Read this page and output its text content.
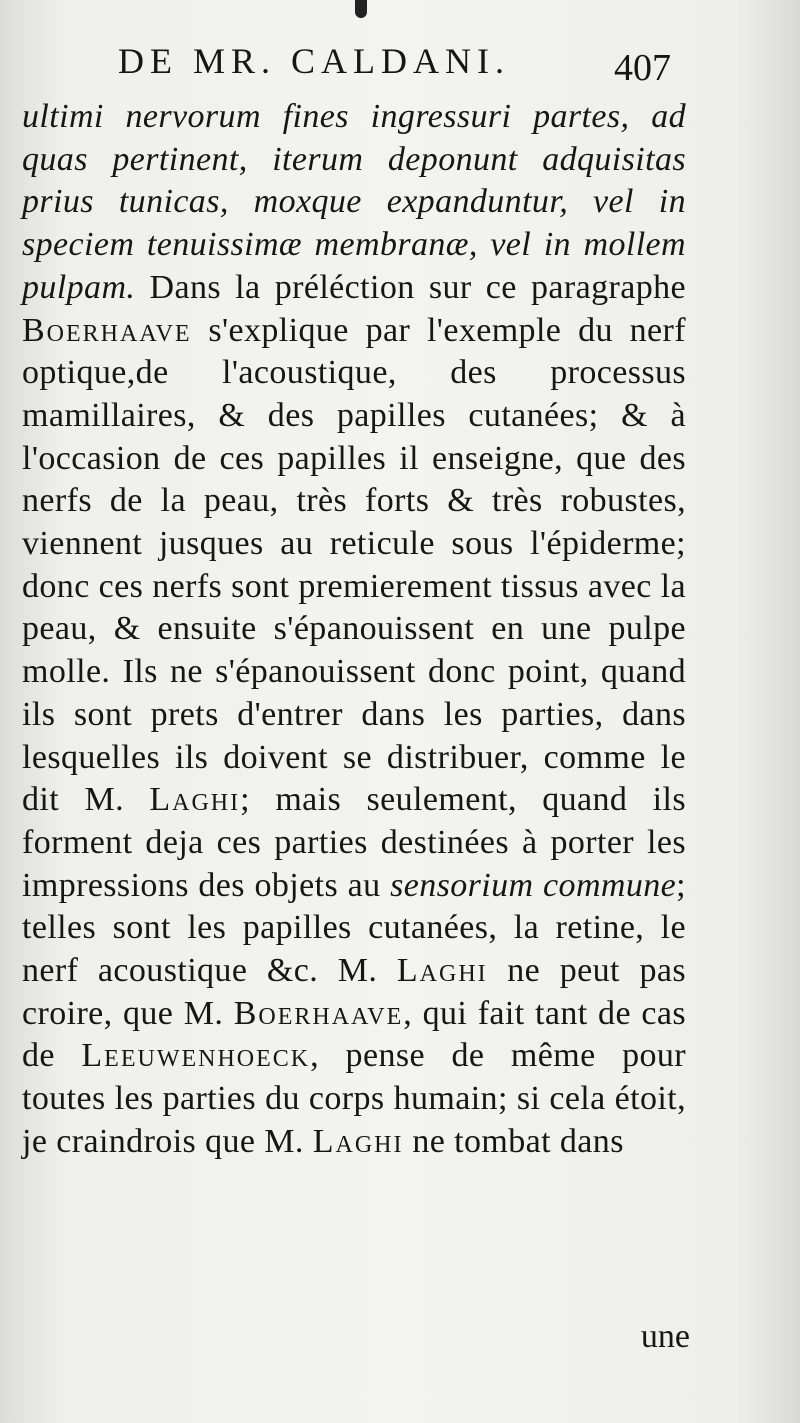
DE MR. CALDANI.	407

ultimi nervorum fines ingressuri partes, ad quas pertinent, iterum deponunt adquisitas prius tunicas, moxque expanduntur, vel in speciem tenuissimæ membranæ, vel in mollem pulpam. Dans la préléction sur ce paragraphe Boerhaave s'explique par l'exemple du nerf optique,de l'acoustique, des processus mamillaires, & des papilles cutanées; & à l'occasion de ces papilles il enseigne, que des nerfs de la peau, très forts & très robustes, viennent jusques au reticule sous l'épiderme; donc ces nerfs sont premierement tissus avec la peau, & ensuite s'épanouissent en une pulpe molle. Ils ne s'épanouissent donc point, quand ils sont prets d'entrer dans les parties, dans lesquelles ils doivent se distribuer, comme le dit M. Laghi; mais seulement, quand ils forment deja ces parties destinées à porter les impressions des objets au sensorium commune; telles sont les papilles cutanées, la retine, le nerf acoustique &c. M. Laghi ne peut pas croire, que M. Boerhaave, qui fait tant de cas de Leeuwenhoeck, pense de même pour toutes les parties du corps humain; si cela étoit, je craindrois que M. Laghi ne tombat dans

une
